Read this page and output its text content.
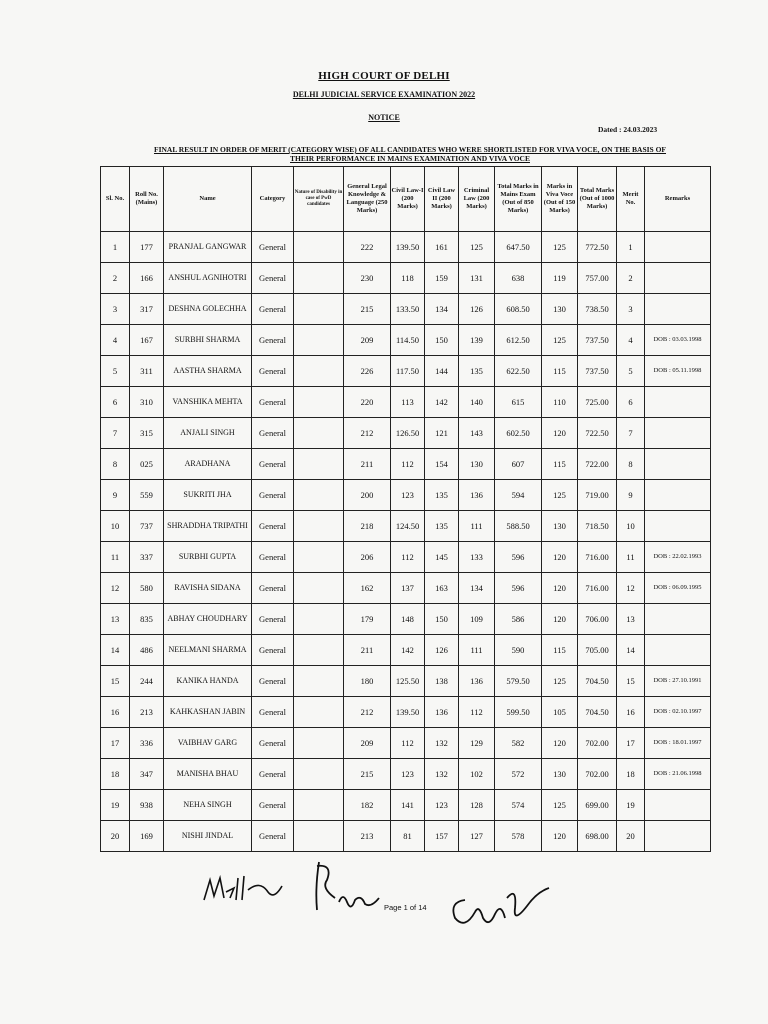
HIGH COURT OF DELHI
DELHI JUDICIAL SERVICE EXAMINATION 2022
NOTICE
Dated : 24.03.2023
FINAL RESULT IN ORDER OF MERIT (CATEGORY WISE) OF ALL CANDIDATES WHO WERE SHORTLISTED FOR VIVA VOCE, ON THE BASIS OF
THEIR PERFORMANCE IN MAINS EXAMINATION AND VIVA VOCE
Sl. No.	Roll No. (Mains)	Name	Category	Nature of Disability in case of PwD candidates	General Legal Knowledge & Language (250 Marks)	Civil Law-I (200 Marks)	Civil Law II (200 Marks)	Criminal Law (200 Marks)	Total Marks in Mains Exam (Out of 850 Marks)	Marks in Viva Voce (Out of 150 Marks)	Total Marks (Out of 1000 Marks)	Merit No.	Remarks
1	177	PRANJAL GANGWAR	General		222	139.50	161	125	647.50	125	772.50	1	
2	166	ANSHUL AGNIHOTRI	General		230	118	159	131	638	119	757.00	2	
3	317	DESHNA GOLECHHA	General		215	133.50	134	126	608.50	130	738.50	3	
4	167	SURBHI SHARMA	General		209	114.50	150	139	612.50	125	737.50	4	DOB : 03.03.1998
5	311	AASTHA SHARMA	General		226	117.50	144	135	622.50	115	737.50	5	DOB : 05.11.1998
6	310	VANSHIKA MEHTA	General		220	113	142	140	615	110	725.00	6	
7	315	ANJALI SINGH	General		212	126.50	121	143	602.50	120	722.50	7	
8	025	ARADHANA	General		211	112	154	130	607	115	722.00	8	
9	559	SUKRITI JHA	General		200	123	135	136	594	125	719.00	9	
10	737	SHRADDHA TRIPATHI	General		218	124.50	135	111	588.50	130	718.50	10	
11	337	SURBHI GUPTA	General		206	112	145	133	596	120	716.00	11	DOB : 22.02.1993
12	580	RAVISHA SIDANA	General		162	137	163	134	596	120	716.00	12	DOB : 06.09.1995
13	835	ABHAY CHOUDHARY	General		179	148	150	109	586	120	706.00	13	
14	486	NEELMANI SHARMA	General		211	142	126	111	590	115	705.00	14	
15	244	KANIKA HANDA	General		180	125.50	138	136	579.50	125	704.50	15	DOB : 27.10.1991
16	213	KAHKASHAN JABIN	General		212	139.50	136	112	599.50	105	704.50	16	DOB : 02.10.1997
17	336	VAIBHAV GARG	General		209	112	132	129	582	120	702.00	17	DOB : 18.01.1997
18	347	MANISHA BHAU	General		215	123	132	102	572	130	702.00	18	DOB : 21.06.1998
19	938	NEHA SINGH	General		182	141	123	128	574	125	699.00	19	
20	169	NISHI JINDAL	General		213	81	157	127	578	120	698.00	20	
Page 1 of 14
